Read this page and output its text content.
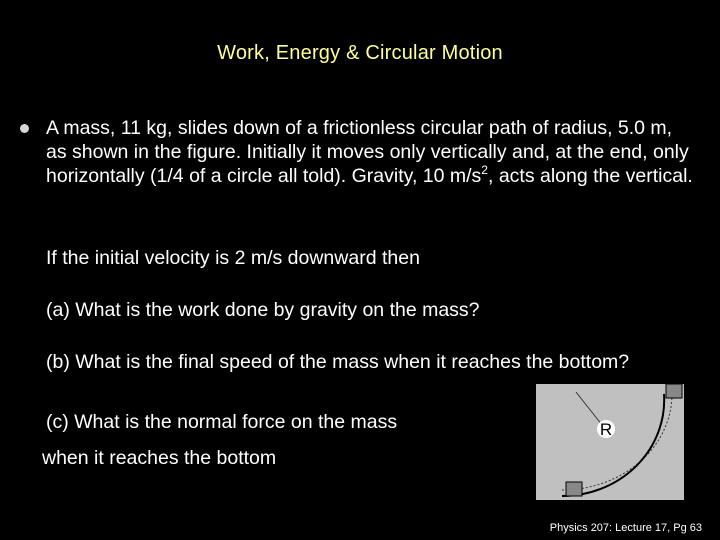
Work, Energy & Circular Motion
A mass, 11 kg, slides down of a frictionless circular path of radius, 5.0 m, as shown in the figure. Initially it moves only vertically and, at the end, only horizontally (1/4 of a circle all told). Gravity, 10 $m/s^2$, acts along the vertical.
If the initial velocity is 2 m/s downward then
(a) What is the work done by gravity on the mass?
(b) What is the final speed of the mass when it reaches the bottom?
(c) What is the normal force on the mass
when it reaches the bottom
R
Physics 207: Lecture 17, Pg 63
